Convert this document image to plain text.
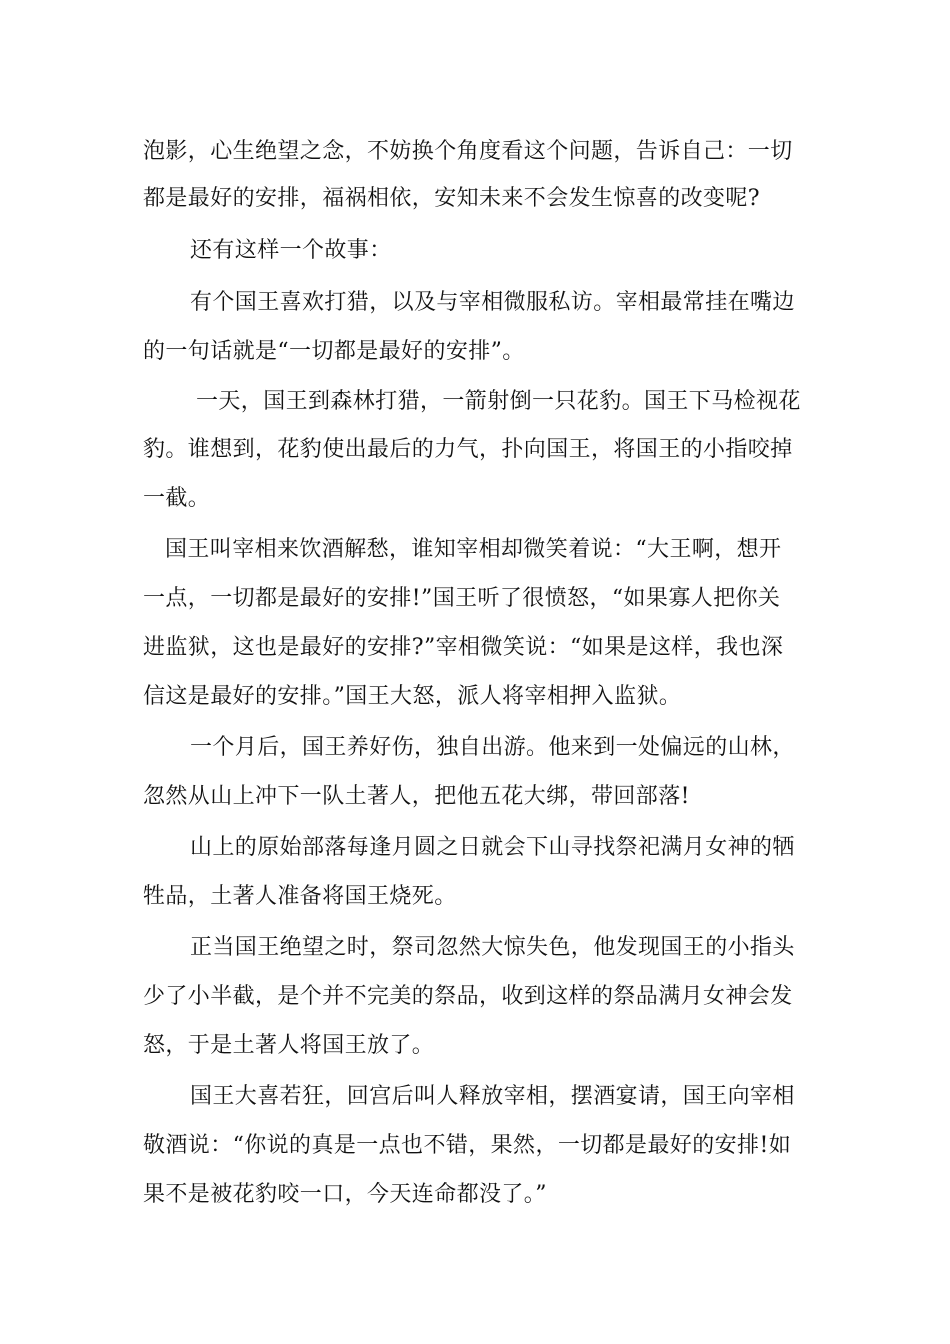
泡影，心生绝望之念，不妨换个角度看这个问题，告诉自己：一切

都是最好的安排，福祸相依，安知未来不会发生惊喜的改变呢?

还有这样一个故事：

有个国王喜欢打猎，以及与宰相微服私访。宰相最常挂在嘴边

的一句话就是“一切都是最好的安排”。

一天，国王到森林打猎，一箭射倒一只花豹。国王下马检视花

豹。谁想到，花豹使出最后的力气，扑向国王，将国王的小指咬掉

一截。

国王叫宰相来饮酒解愁，谁知宰相却微笑着说：“大王啊，想开

一点，一切都是最好的安排!”国王听了很愤怒，“如果寡人把你关

进监狱，这也是最好的安排?”宰相微笑说：“如果是这样，我也深

信这是最好的安排。”国王大怒，派人将宰相押入监狱。

一个月后，国王养好伤，独自出游。他来到一处偏远的山林，

忽然从山上冲下一队土著人，把他五花大绑，带回部落!

山上的原始部落每逢月圆之日就会下山寻找祭祀满月女神的牺

牲品，土著人准备将国王烧死。

正当国王绝望之时，祭司忽然大惊失色，他发现国王的小指头

少了小半截，是个并不完美的祭品，收到这样的祭品满月女神会发

怒，于是土著人将国王放了。

国王大喜若狂，回宫后叫人释放宰相，摆酒宴请，国王向宰相

敬酒说：“你说的真是一点也不错，果然，一切都是最好的安排!如

果不是被花豹咬一口，今天连命都没了。”
